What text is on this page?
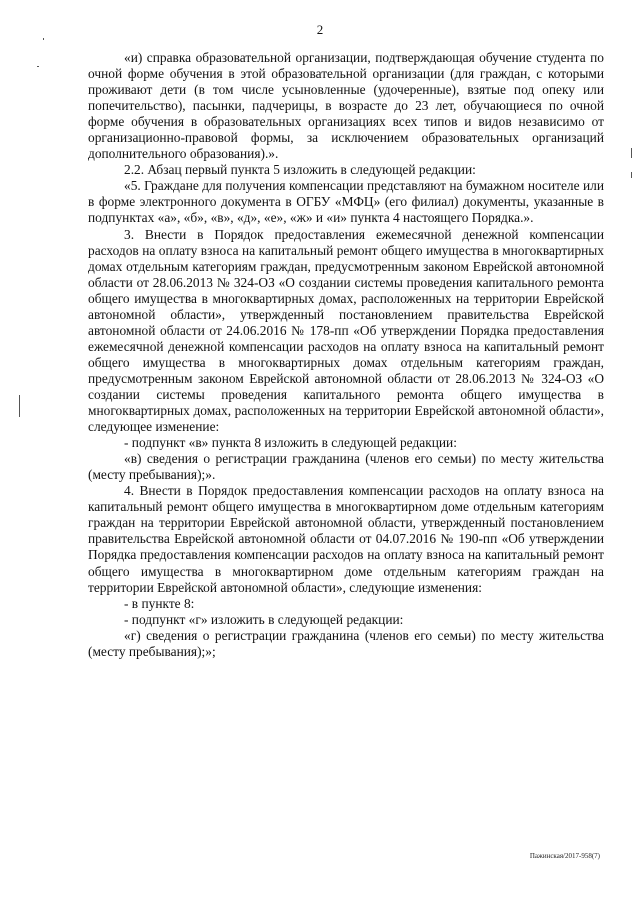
2

«и) справка образовательной организации, подтверждающая обучение студента по очной форме обучения в этой образовательной организации (для граждан, с которыми проживают дети (в том числе усыновленные (удочеренные), взятые под опеку или попечительство), пасынки, падчерицы, в возрасте до 23 лет, обучающиеся по очной форме обучения в образовательных организациях всех типов и видов независимо от организационно-правовой формы, за исключением образовательных организаций дополнительного образования).».

2.2. Абзац первый пункта 5 изложить в следующей редакции:

«5. Граждане для получения компенсации представляют на бумажном носителе или в форме электронного документа в ОГБУ «МФЦ» (его филиал) документы, указанные в подпунктах «а», «б», «в», «д», «е», «ж» и «и» пункта 4 настоящего Порядка.».

3. Внести в Порядок предоставления ежемесячной денежной компенсации расходов на оплату взноса на капитальный ремонт общего имущества в многоквартирных домах отдельным категориям граждан, предусмотренным законом Еврейской автономной области от 28.06.2013 № 324-ОЗ «О создании системы проведения капитального ремонта общего имущества в многоквартирных домах, расположенных на территории Еврейской автономной области», утвержденный постановлением правительства Еврейской автономной области от 24.06.2016 № 178-пп «Об утверждении Порядка предоставления ежемесячной денежной компенсации расходов на оплату взноса на капитальный ремонт общего имущества в многоквартирных домах отдельным категориям граждан, предусмотренным законом Еврейской автономной области от 28.06.2013 № 324-ОЗ «О создании системы проведения капитального ремонта общего имущества в многоквартирных домах, расположенных на территории Еврейской автономной области», следующее изменение:

- подпункт «в» пункта 8 изложить в следующей редакции:

«в) сведения о регистрации гражданина (членов его семьи) по месту жительства (месту пребывания);».

4. Внести в Порядок предоставления компенсации расходов на оплату взноса на капитальный ремонт общего имущества в многоквартирном доме отдельным категориям граждан на территории Еврейской автономной области, утвержденный постановлением правительства Еврейской автономной области от 04.07.2016 № 190-пп «Об утверждении Порядка предоставления компенсации расходов на оплату взноса на капитальный ремонт общего имущества в многоквартирном доме отдельным категориям граждан на территории Еврейской автономной области», следующие изменения:

- в пункте 8:

- подпункт «г» изложить в следующей редакции:

«г) сведения о регистрации гражданина (членов его семьи) по месту жительства (месту пребывания);»;

Пажинская/2017-958(7)
